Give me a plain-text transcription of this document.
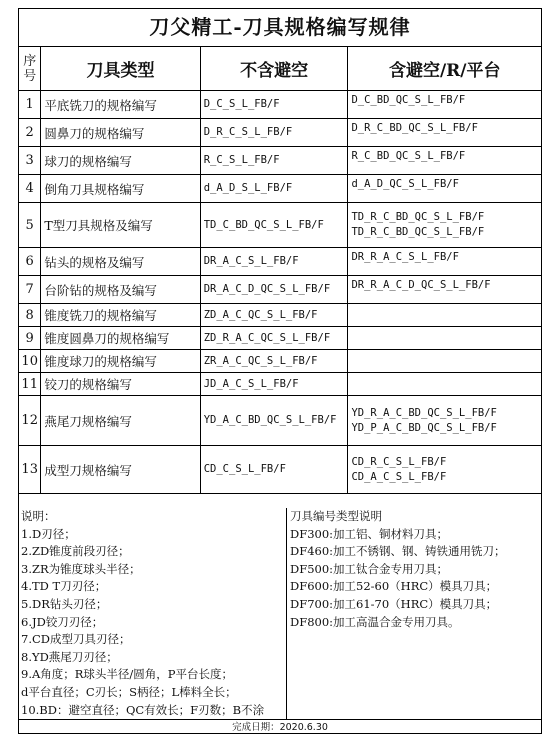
刀父精工-刀具规格编写规律
序号	刀具类型	不含避空	含避空/R/平台
1	平底铣刀的规格编写	D_C_S_L_FB/F	D_C_BD_QC_S_L_FB/F

2	圆鼻刀的规格编写	D_R_C_S_L_FB/F	D_R_C_BD_QC_S_L_FB/F

3	球刀的规格编写	R_C_S_L_FB/F	R_C_BD_QC_S_L_FB/F

4	倒角刀具规格编写	d_A_D_S_L_FB/F	d_A_D_QC_S_L_FB/F

5	T型刀具规格及编写	TD_C_BD_QC_S_L_FB/F	TD_R_C_BD_QC_S_L_FB/F
TD_R_C_BD_QC_S_L_FB/F

6	钻头的规格及编写	DR_A_C_S_L_FB/F	DR_R_A_C_S_L_FB/F

7	台阶钻的规格及编写	DR_A_C_D_QC_S_L_FB/F	DR_R_A_C_D_QC_S_L_FB/F

8	锥度铣刀的规格编写	ZD_A_C_QC_S_L_FB/F	

9	锥度圆鼻刀的规格编写	ZD_R_A_C_QC_S_L_FB/F	

10	锥度球刀的规格编写	ZR_A_C_QC_S_L_FB/F	

11	铰刀的规格编写	JD_A_C_S_L_FB/F	

12	燕尾刀规格编写	YD_A_C_BD_QC_S_L_FB/F	YD_R_A_C_BD_QC_S_L_FB/F
YD_P_A_C_BD_QC_S_L_FB/F

13	成型刀规格编写	CD_C_S_L_FB/F	CD_R_C_S_L_FB/F
CD_A_C_S_L_FB/F
说明：
1.D刃径；
2.ZD锥度前段刃径；
3.ZR为锥度球头半径；
4.TD T刀刃径；
5.DR钻头刃径；
6.JD铰刀刃径；
7.CD成型刀具刃径；
8.YD燕尾刀刃径；
9.A角度；R球头半径/圆角，P平台长度；
d平台直径；C刃长；S柄径；L棒料全长；
10.BD：避空直径；QC有效长；F刃数；B不涂
刀具编号类型说明
DF300:加工铝、铜材料刀具；
DF460:加工不锈钢、钢、铸铁通用铣刀；
DF500:加工钛合金专用刀具；
DF600:加工52-60（HRC）模具刀具；
DF700:加工61-70（HRC）模具刀具；
DF800:加工高温合金专用刀具。
完成日期：2020.6.30
